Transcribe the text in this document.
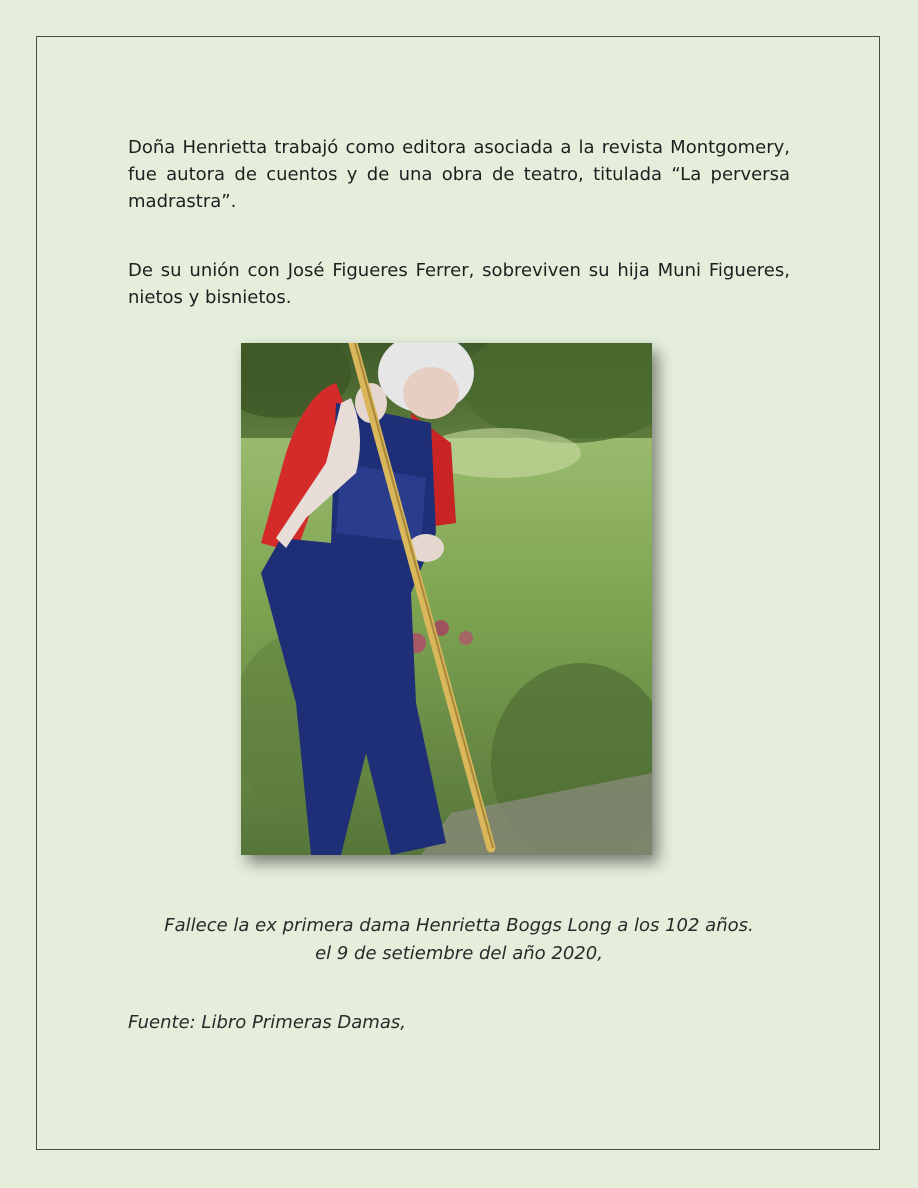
Doña Henrietta trabajó como editora asociada a la revista Montgomery, fue autora de cuentos y de una obra de teatro, titulada “La perversa madrastra”.

De su unión con José Figueres Ferrer, sobreviven su hija Muni Figueres, nietos y bisnietos.

Fallece la ex primera dama Henrietta Boggs Long a los 102 años.

el 9 de setiembre del año 2020,

Fuente: Libro Primeras Damas,
